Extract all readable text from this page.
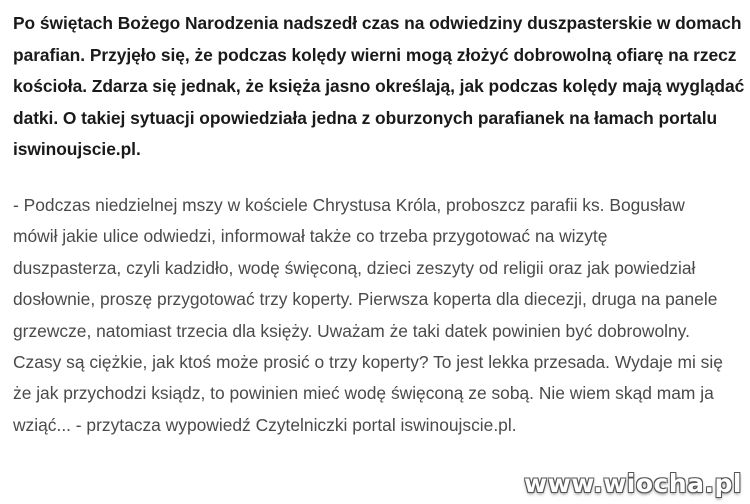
Po świętach Bożego Narodzenia nadszedł czas na odwiedziny duszpasterskie w domach
parafian. Przyjęło się, że podczas kolędy wierni mogą złożyć dobrowolną ofiarę na rzecz
kościoła. Zdarza się jednak, że księża jasno określają, jak podczas kolędy mają wyglądać
datki. O takiej sytuacji opowiedziała jedna z oburzonych parafianek na łamach portalu
iswinoujscie.pl.

- Podczas niedzielnej mszy w kościele Chrystusa Króla, proboszcz parafii ks. Bogusław
mówił jakie ulice odwiedzi, informował także co trzeba przygotować na wizytę
duszpasterza, czyli kadzidło, wodę święconą, dzieci zeszyty od religii oraz jak powiedział
dosłownie, proszę przygotować trzy koperty. Pierwsza koperta dla diecezji, druga na panele
grzewcze, natomiast trzecia dla księży. Uważam że taki datek powinien być dobrowolny.
Czasy są ciężkie, jak ktoś może prosić o trzy koperty? To jest lekka przesada. Wydaje mi się
że jak przychodzi ksiądz, to powinien mieć wodę święconą ze sobą. Nie wiem skąd mam ja
wziąć... - przytacza wypowiedź Czytelniczki portal iswinoujscie.pl.

www.wiocha.pl
